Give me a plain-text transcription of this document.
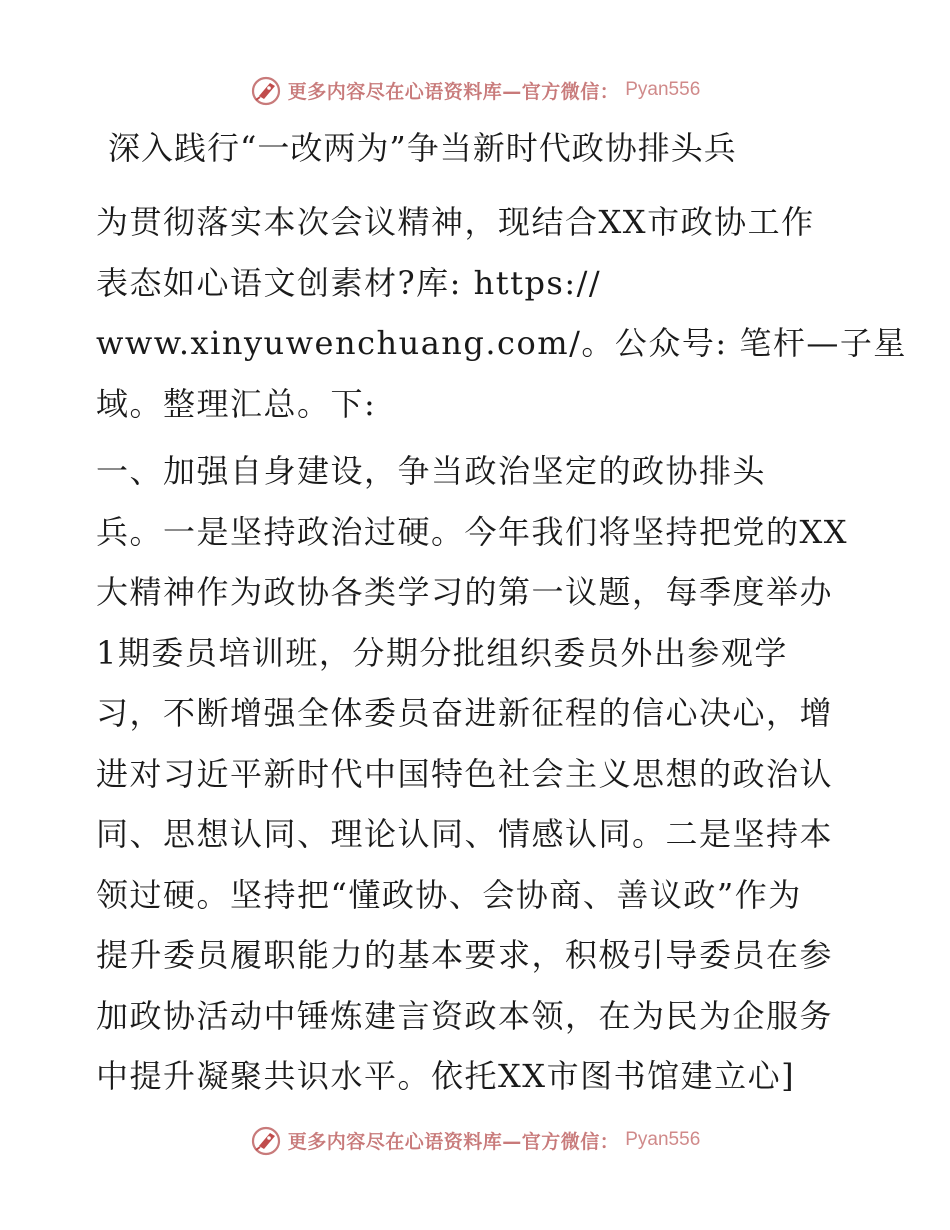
更多内容尽在心语资料库—官方微信： Pyan556
深入践行“一改两为”争当新时代政协排头兵
为贯彻落实本次会议精神，现结合XX市政协工作
表态如心语文创素材?库: https://
www.xinyuwenchuang.com/。公众号: 笔杆—子星
域。整理汇总。下:
一、加强自身建设，争当政治坚定的政协排头
兵。一是坚持政治过硬。今年我们将坚持把党的XX
大精神作为政协各类学习的第一议题，每季度举办
1期委员培训班，分期分批组织委员外出参观学
习，不断增强全体委员奋进新征程的信心决心，增
进对习近平新时代中国特色社会主义思想的政治认
同、思想认同、理论认同、情感认同。二是坚持本
领过硬。坚持把“懂政协、会协商、善议政”作为
提升委员履职能力的基本要求，积极引导委员在参
加政协活动中锤炼建言资政本领，在为民为企服务
中提升凝聚共识水平。依托XX市图书馆建立心]
更多内容尽在心语资料库—官方微信： Pyan556
